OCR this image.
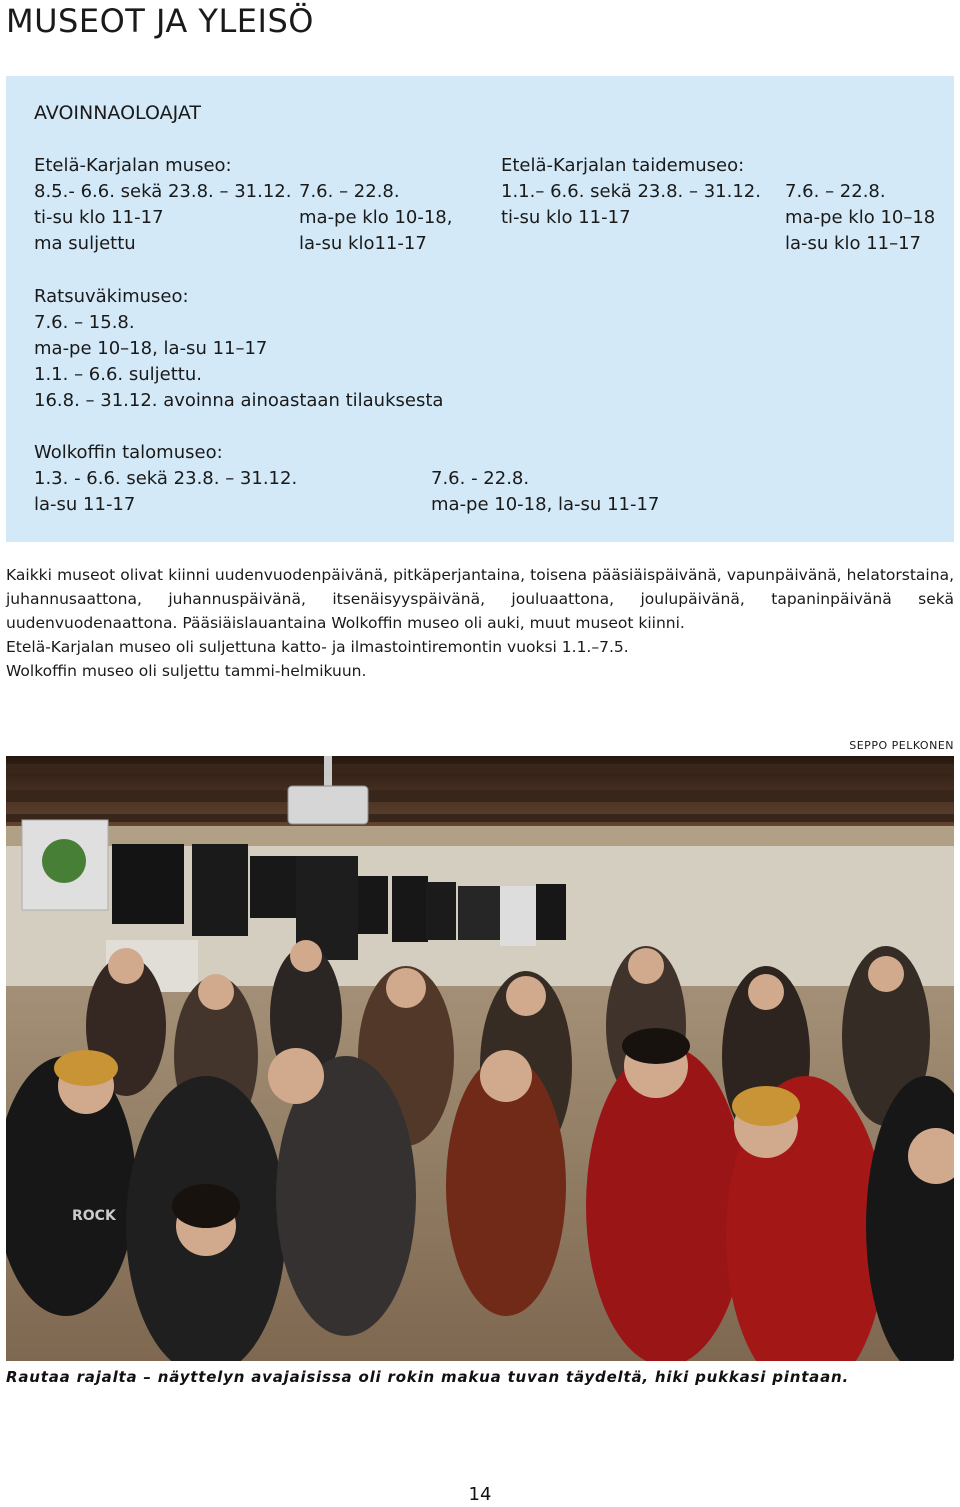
MUSEOT JA YLEISÖ
AVOINNAOLOAJAT
Etelä-Karjalan museo:
8.5.- 6.6. sekä 23.8. – 31.12.
ti-su klo 11-17
ma suljettu
7.6. – 22.8.
ma-pe klo 10-18,
la-su klo11-17
Etelä-Karjalan taidemuseo:
1.1.– 6.6. sekä 23.8. – 31.12.
ti-su klo 11-17
7.6. – 22.8.
ma-pe klo 10–18
la-su klo 11–17
Ratsuväkimuseo:
7.6. – 15.8.
ma-pe 10–18, la-su 11–17
1.1. – 6.6. suljettu.
16.8. – 31.12. avoinna ainoastaan tilauksesta
Wolkoffin talomuseo:
1.3. - 6.6. sekä 23.8. – 31.12.
la-su 11-17
7.6. - 22.8.
ma-pe 10-18, la-su 11-17

Kaikki museot olivat kiinni uudenvuodenpäivänä, pitkäperjantaina, toisena pääsiäispäivänä, vapunpäivänä, helatorstaina, juhannusaattona, juhannuspäivänä, itsenäisyyspäivänä, jouluaattona, joulupäivänä, tapaninpäivänä sekä uudenvuodenaattona. Pääsiäislauantaina Wolkoffin museo oli auki, muut museot kiinni.

Etelä-Karjalan museo oli suljettuna katto- ja ilmastointiremontin vuoksi 1.1.–7.5.

Wolkoffin museo oli suljettu tammi-helmikuun.

SEPPO PELKONEN
ROCK
Rautaa rajalta – näyttelyn avajaisissa oli rokin makua tuvan täydeltä, hiki pukkasi pintaan.
14
